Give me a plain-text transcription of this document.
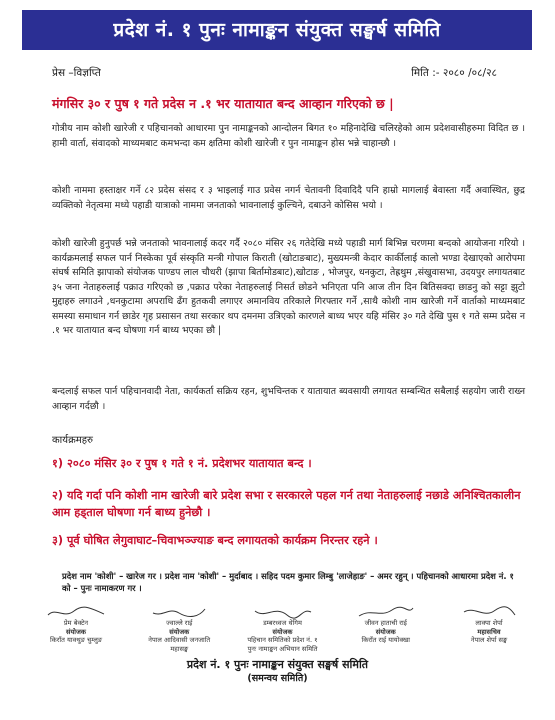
प्रदेश नं. १ पुनः नामाङ्कन संयुक्त सङ्घर्ष समिति
प्रेस –विज्ञप्ति	मिति :- २०८० /०८/२८
मंगसिर ३० र पुष १ गते प्रदेस न .१ भर यातायात बन्द आव्हान गरिएको छ |
गोत्रीय नाम कोशी खारेजी र पहिचानको आधारमा पुन नामाङ्कनको आन्दोलन बिगत १० महिनादेखि चलिरहेको आम प्रदेशवासीहरुमा विदित छ । हामी वार्ता, संवादको माध्यमबाट कमभन्दा कम क्षतिमा कोशी खारेजी र पुन नामाङ्कन होस भन्ने चाहान्छौ ।
कोशी नाममा हस्ताक्षर गर्ने ८२ प्रदेस संसद र ३ भाइलाई गाउ प्रवेस नगर्न चेतावनी दिवादिदै पनि हाम्रो मागलाई बेवास्ता गर्दै अवास्थित, छुद्र व्यक्तिको नेतृत्वमा मध्ये पहाडी यात्राको नाममा जनताको भावनालाई कुल्चिने, दबाउने कोसिस भयो ।
कोशी खारेजी हुनुपर्छ भन्ने जनताको भावनालाई कदर गर्दै २०८० मंसिर २६ गतेदेखि मध्ये पहाडी मार्ग बिभिन्न चरणमा बन्दको आयोजना गरियो । कार्यक्रमलाई सफल पार्न निस्केका पूर्व संस्कृति मन्त्री गोपाल किराती (खोटाङबाट), मुख्यमन्त्री केदार कार्कीलाई कालो भण्डा देखाएको आरोपमा संघर्ष समिति झापाको संयोजक पाण्डप लाल चौधरी (झापा बिर्तामोडबाट),खोटाङ , भोजपुर, धनकुटा, तेह्रथुम ,संखुवासभा, उदयपुर लगायतबाट ३५ जना नेताहरुलाई पक्राउ गरिएको छ ,पक्राउ परेका नेताहरुलाई निसर्त छोडने भनिएता पनि आज तीन दिन बितिसक्दा छाडनु को सट्टा झुटो मुद्दाहरु लगाउने ,धनकुटामा अपराधि ढँग हुतकवी लगाएर अमानविय तरिकाले गिरफ्तार गर्ने ,साथै कोशी नाम खारेजी गर्ने वार्ताको माध्यमबाट समस्या समाधान गर्न छाडेर गृह प्रसासन तथा सरकार थप दमनमा उत्रिएको कारणले बाध्य भएर यहि मंसिर ३० गते देखि पुस १ गते सम्म प्रदेस न .१ भर यातायात बन्द घोषणा गर्न बाध्य भएका छौ |
बन्दलाई सफल पार्न पहिचानवादी नेता, कार्यकर्ता सक्रिय रहन, शुभचिन्तक र यातायात ब्यवसायी लगायत सम्बन्धित सबैलाई सहयोग जारी राख्न आव्हान गर्दछौ ।
कार्यक्रमहरु
१) २०८० मंसिर ३० र पुष १ गते १ नं. प्रदेशभर यातायात बन्द ।
२) यदि गर्दा पनि कोशी नाम खारेजी बारे प्रदेश सभा र सरकारले पहल गर्न तथा नेताहरुलाई नछाडे अनिश्चितकालीन आम हड्ताल घोषणा गर्न बाध्य हुनेछौ ।
३) पूर्व घोषित लेगुवाघाट–चिवाभञ्ज्याङ बन्द लगायतको कार्यक्रम निरन्तर रहने ।
प्रदेश नाम 'कोशी' – खारेज गर । प्रदेश नाम 'कोशी' – मुर्दाबाद । सहिद पदम कुमार लिम्बु 'लाजेहाङ' – अमर रहुन् । पहिचानको आधारमा प्रदेश नं. १ को – पुनः नामाकरण गर ।
प्रेम बेक्टेन
संयोजक
किराँत याक्थुङ चुम्लुङ
ज्वाल्ले राई
संयोजक
नेपाल आदिवासी जनजाति महासङ्घ
डम्बरध्वज थेगिम
संयोजक
पहिचान समितिको प्रदेश नं. १ पुनः नामाङ्कन अभियान समिति
जीवन हाताची राई
संयोजक
किराँत राई यायोक्खा
लाक्पा शेर्पा
महासचिव
नेपाल शेर्पा सङ्घ
प्रदेश नं. १ पुनः नामाङ्कन संयुक्त सङ्घर्ष समिति
(समन्वय समिति)
